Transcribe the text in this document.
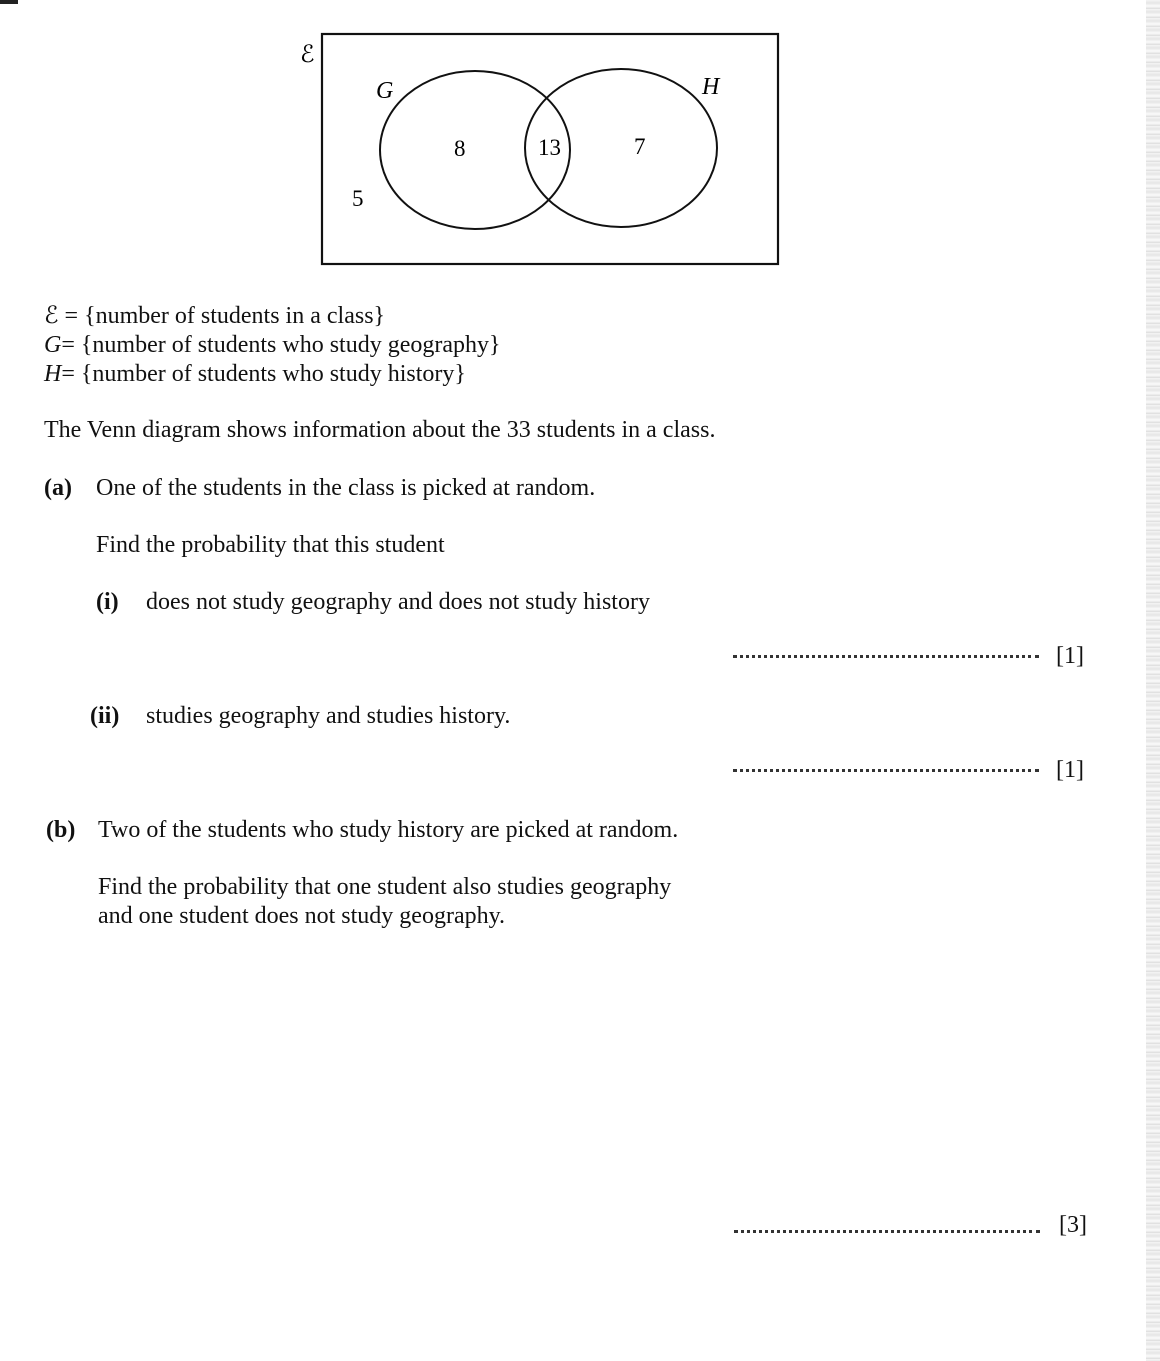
ℰ
G	H
8	13	7
5
ℰ = {number of students in a class}
G= {number of students who study geography}
H= {number of students who study history}
The Venn diagram shows information about the 33 students in a class.
(a) One of the students in the class is picked at random.
Find the probability that this student
(i) does not study geography and does not study history
[1]
(ii) studies geography and studies history.
[1]
(b) Two of the students who study history are picked at random.
Find the probability that one student also studies geography
and one student does not study geography.
[3]
